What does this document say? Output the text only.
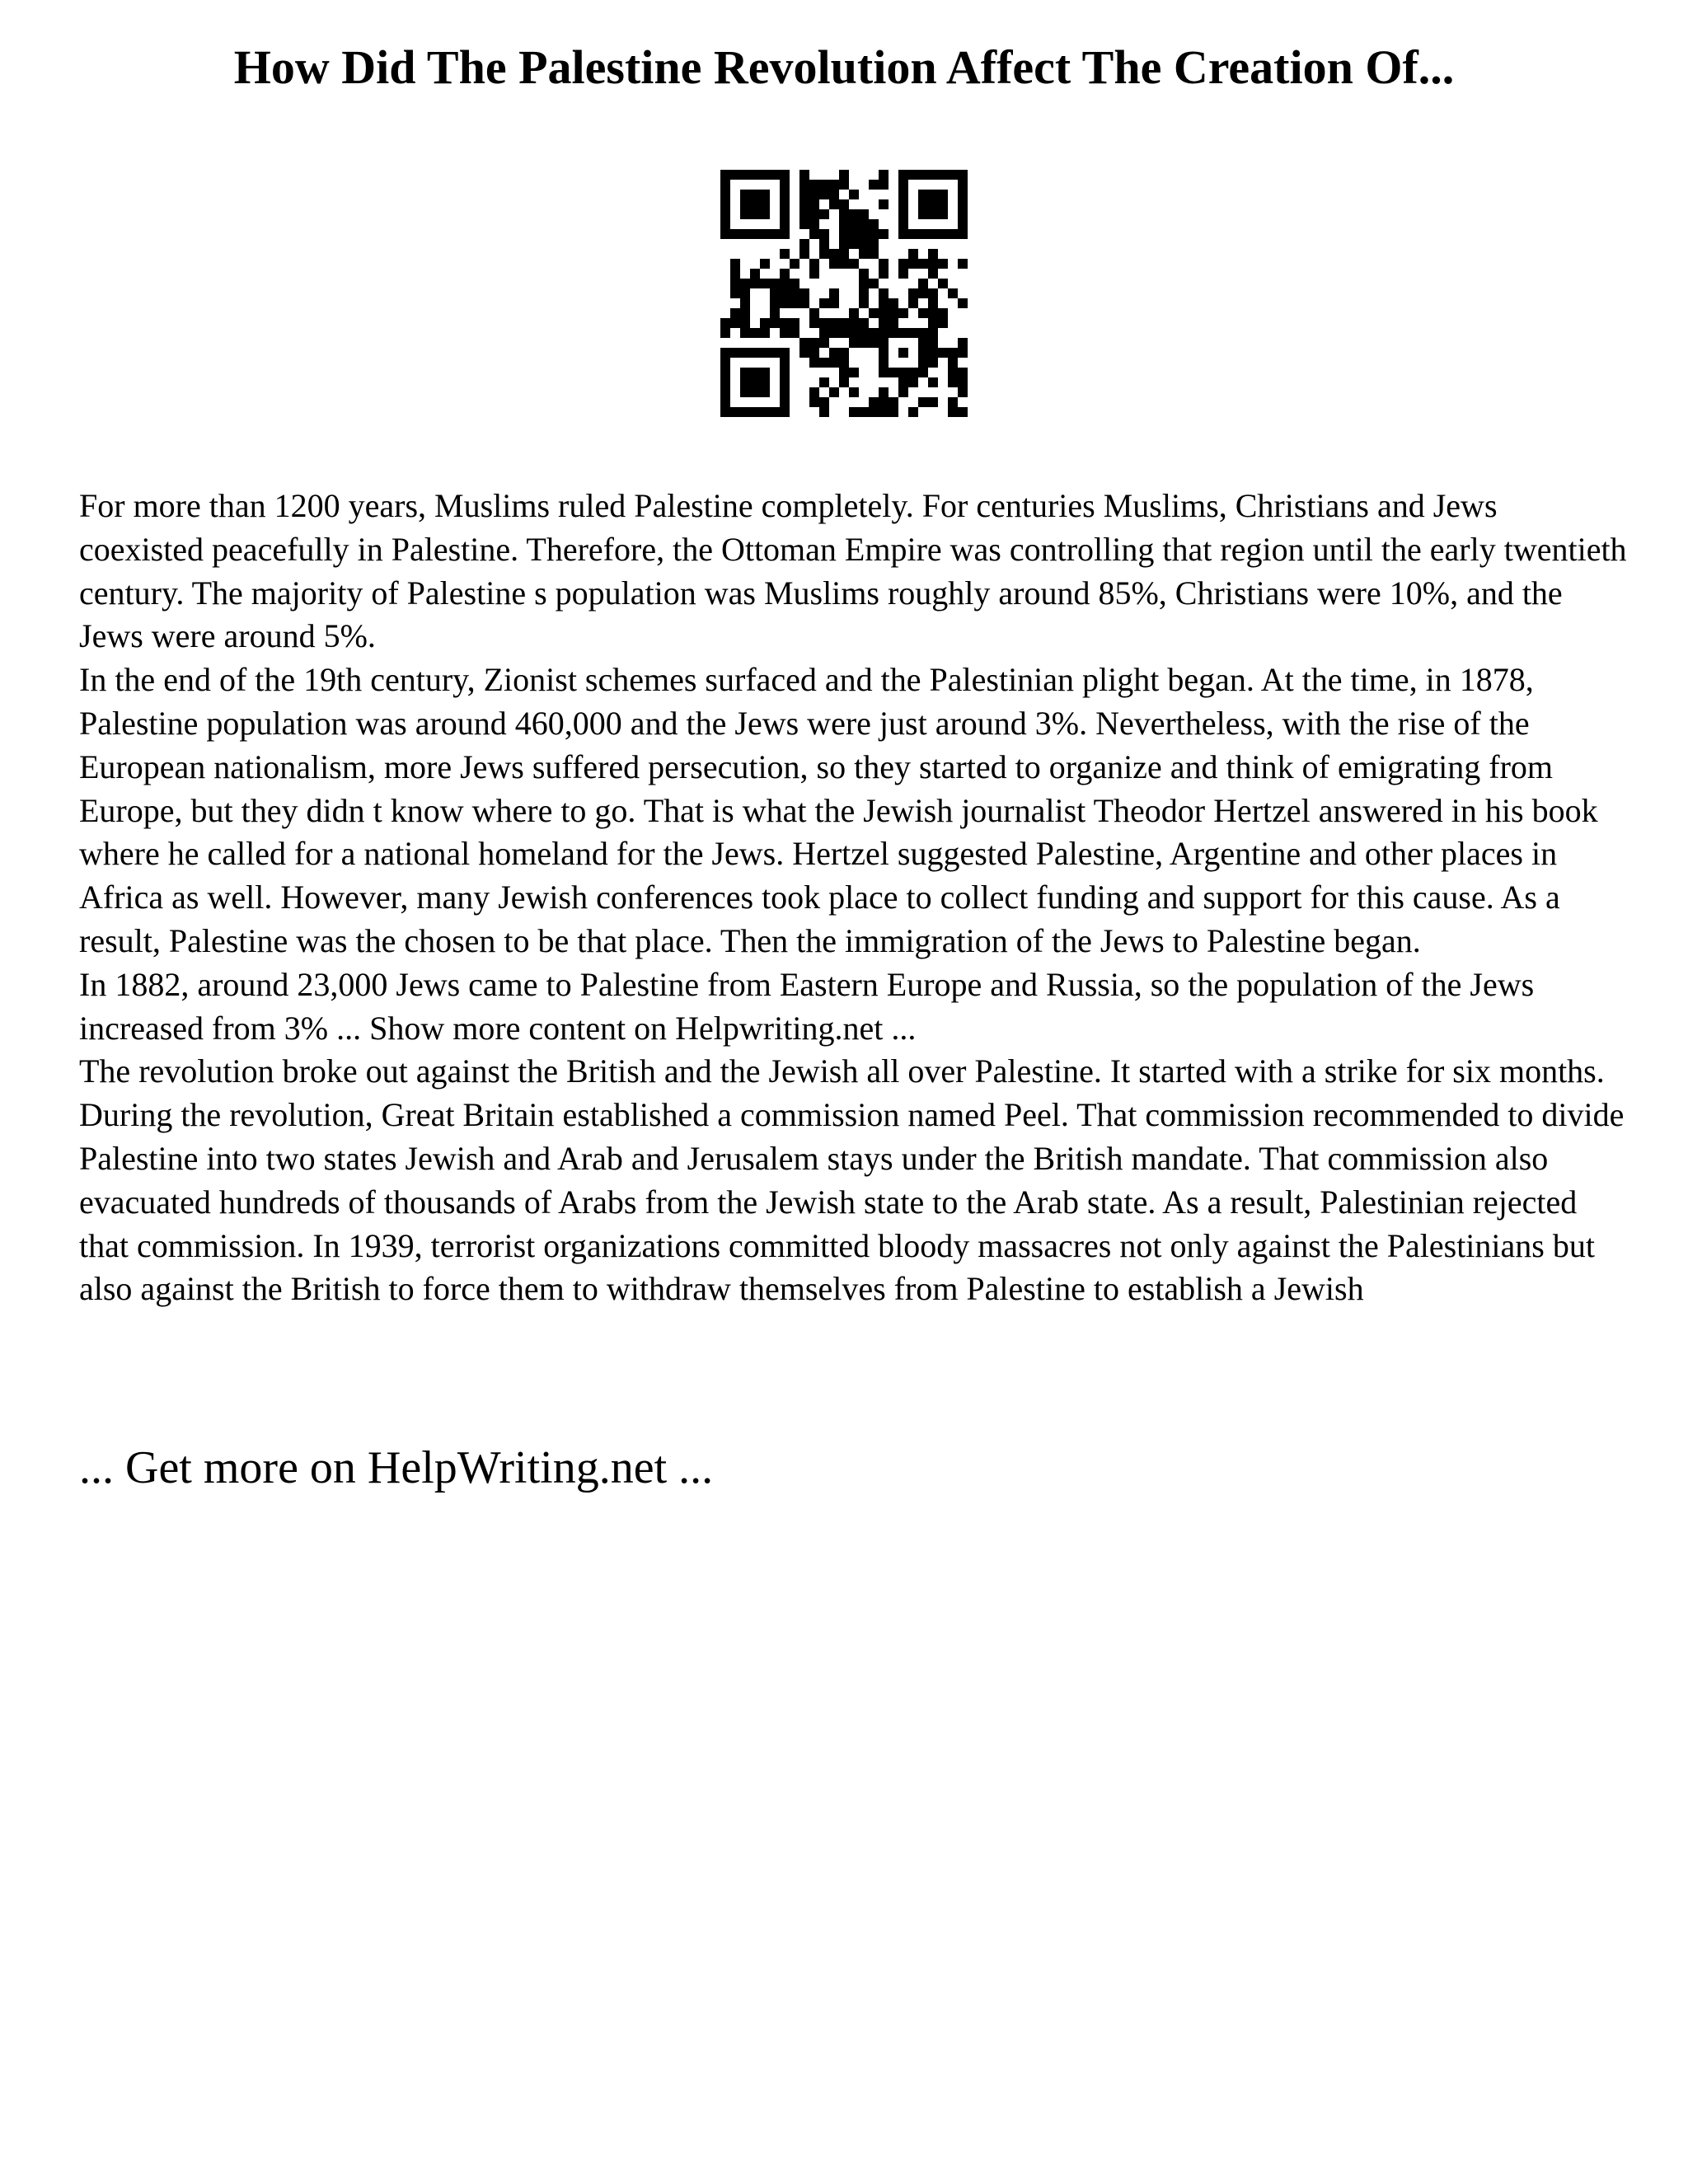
How Did The Palestine Revolution Affect The Creation Of...

For more than 1200 years, Muslims ruled Palestine completely. For centuries Muslims, Christians and Jews coexisted peacefully in Palestine. Therefore, the Ottoman Empire was controlling that region until the early twentieth century. The majority of Palestine s population was Muslims roughly around 85%, Christians were 10%, and the Jews were around 5%.

In the end of the 19th century, Zionist schemes surfaced and the Palestinian plight began. At the time, in 1878, Palestine population was around 460,000 and the Jews were just around 3%. Nevertheless, with the rise of the European nationalism, more Jews suffered persecution, so they started to organize and think of emigrating from Europe, but they didn t know where to go. That is what the Jewish journalist Theodor Hertzel answered in his book where he called for a national homeland for the Jews. Hertzel suggested Palestine, Argentine and other places in Africa as well. However, many Jewish conferences took place to collect funding and support for this cause. As a result, Palestine was the chosen to be that place. Then the immigration of the Jews to Palestine began.

In 1882, around 23,000 Jews came to Palestine from Eastern Europe and Russia, so the population of the Jews increased from 3% ... Show more content on Helpwriting.net ...

The revolution broke out against the British and the Jewish all over Palestine. It started with a strike for six months. During the revolution, Great Britain established a commission named Peel. That commission recommended to divide Palestine into two states Jewish and Arab and Jerusalem stays under the British mandate. That commission also evacuated hundreds of thousands of Arabs from the Jewish state to the Arab state. As a result, Palestinian rejected that commission. In 1939, terrorist organizations committed bloody massacres not only against the Palestinians but also against the British to force them to withdraw themselves from Palestine to establish a Jewish

... Get more on HelpWriting.net ...
